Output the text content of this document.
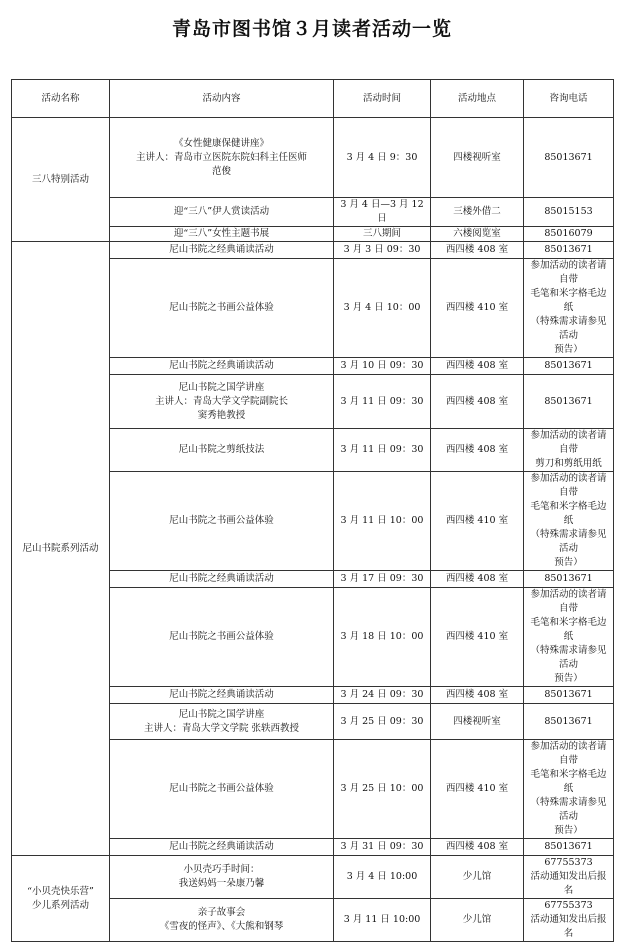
青岛市图书馆３月读者活动一览
活动名称	活动内容	活动时间	活动地点	咨询电话

三八特别活动	《女性健康保健讲座》
主讲人：青岛市立医院东院妇科主任医师
范俊	3 月 4 日 9：30	四楼视听室	85013671

	迎“三八”伊人赏读活动	3 月 4 日—3 月 12 日	三楼外借二	85015153

	迎“三八”女性主题书展	三八期间	六楼阅览室	85016079

尼山书院系列活动	尼山书院之经典诵读活动	3 月 3 日 09：30	西四楼 408 室	85013671

	尼山书院之书画公益体验	3 月 4 日 10：00	西四楼 410 室	参加活动的读者请自带
毛笔和米字格毛边纸
（特殊需求请参见活动
预告）

	尼山书院之经典诵读活动	3 月 10 日 09：30	西四楼 408 室	85013671

	尼山书院之国学讲座
主讲人：青岛大学文学院副院长
窦秀艳教授	3 月 11 日 09：30	西四楼 408 室	85013671

	尼山书院之剪纸技法	3 月 11 日 09：30	西四楼 408 室	参加活动的读者请自带
剪刀和剪纸用纸

	尼山书院之书画公益体验	3 月 11 日 10：00	西四楼 410 室	参加活动的读者请自带
毛笔和米字格毛边纸
（特殊需求请参见活动
预告）

	尼山书院之经典诵读活动	3 月 17 日 09：30	西四楼 408 室	85013671

	尼山书院之书画公益体验	3 月 18 日 10：00	西四楼 410 室	参加活动的读者请自带
毛笔和米字格毛边纸
（特殊需求请参见活动
预告）

	尼山书院之经典诵读活动	3 月 24 日 09：30	西四楼 408 室	85013671

	尼山书院之国学讲座
主讲人：青岛大学文学院 张轶西教授	3 月 25 日 09：30	四楼视听室	85013671

	尼山书院之书画公益体验	3 月 25 日 10：00	西四楼 410 室	参加活动的读者请自带
毛笔和米字格毛边纸
（特殊需求请参见活动
预告）

	尼山书院之经典诵读活动	3 月 31 日 09：30	西四楼 408 室	85013671

“小贝壳快乐营”
少儿系列活动	小贝壳巧手时间：
我送妈妈一朵康乃馨	3 月 4 日 10:00	少儿馆	67755373
活动通知发出后报名

	亲子故事会
《雪夜的怪声》、《大熊和钢琴	3 月 11 日 10:00	少儿馆	67755373
活动通知发出后报名
